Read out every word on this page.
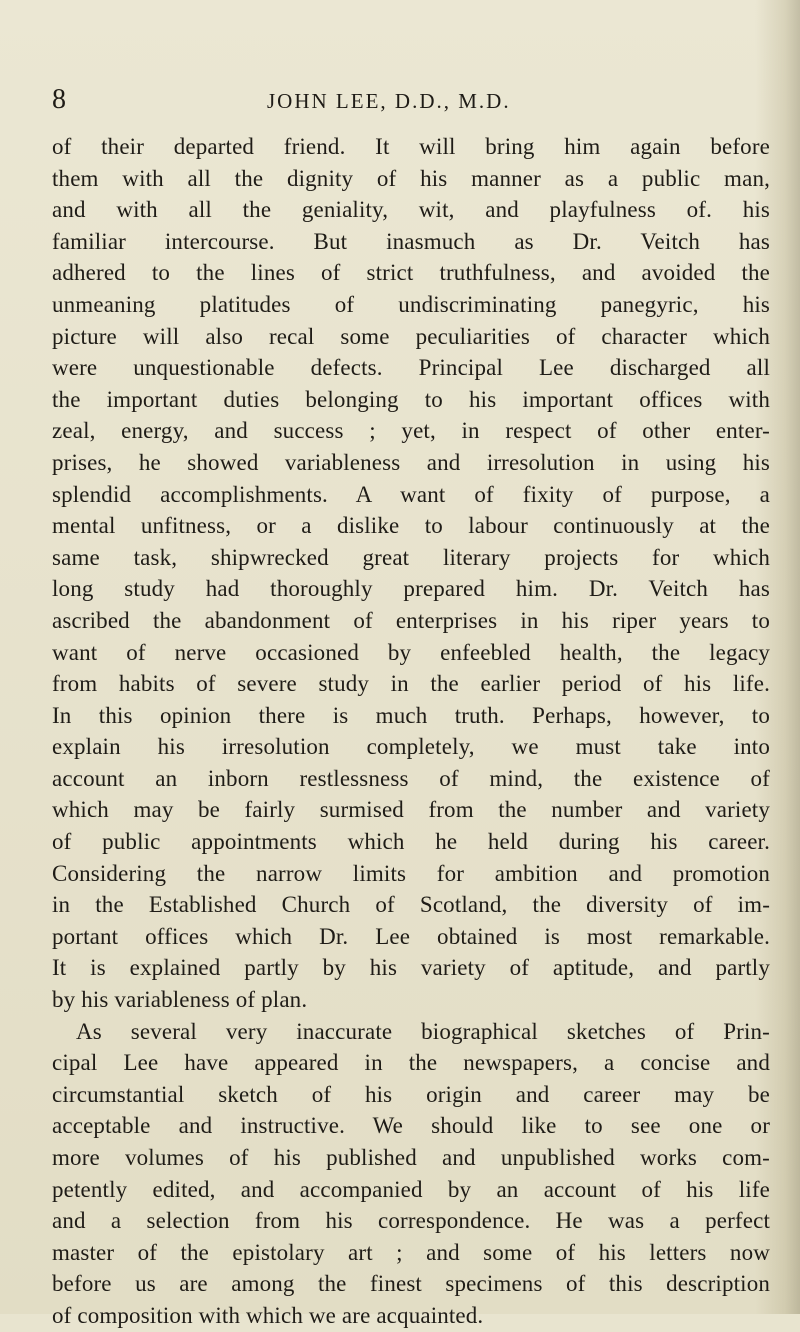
8	JOHN LEE, D.D., M.D.
of their departed friend. It will bring him again before
them with all the dignity of his manner as a public man,
and with all the geniality, wit, and playfulness of. his
familiar intercourse. But inasmuch as Dr. Veitch has
adhered to the lines of strict truthfulness, and avoided the
unmeaning platitudes of undiscriminating panegyric, his
picture will also recal some peculiarities of character which
were unquestionable defects. Principal Lee discharged all
the important duties belonging to his important offices with
zeal, energy, and success ; yet, in respect of other enter-
prises, he showed variableness and irresolution in using his
splendid accomplishments. A want of fixity of purpose, a
mental unfitness, or a dislike to labour continuously at the
same task, shipwrecked great literary projects for which
long study had thoroughly prepared him. Dr. Veitch has
ascribed the abandonment of enterprises in his riper years to
want of nerve occasioned by enfeebled health, the legacy
from habits of severe study in the earlier period of his life.
In this opinion there is much truth. Perhaps, however, to
explain his irresolution completely, we must take into
account an inborn restlessness of mind, the existence of
which may be fairly surmised from the number and variety
of public appointments which he held during his career.
Considering the narrow limits for ambition and promotion
in the Established Church of Scotland, the diversity of im-
portant offices which Dr. Lee obtained is most remarkable.
It is explained partly by his variety of aptitude, and partly
by his variableness of plan.
As several very inaccurate biographical sketches of Prin-
cipal Lee have appeared in the newspapers, a concise and
circumstantial sketch of his origin and career may be
acceptable and instructive. We should like to see one or
more volumes of his published and unpublished works com-
petently edited, and accompanied by an account of his life
and a selection from his correspondence. He was a perfect
master of the epistolary art ; and some of his letters now
before us are among the finest specimens of this description
of composition with which we are acquainted.
